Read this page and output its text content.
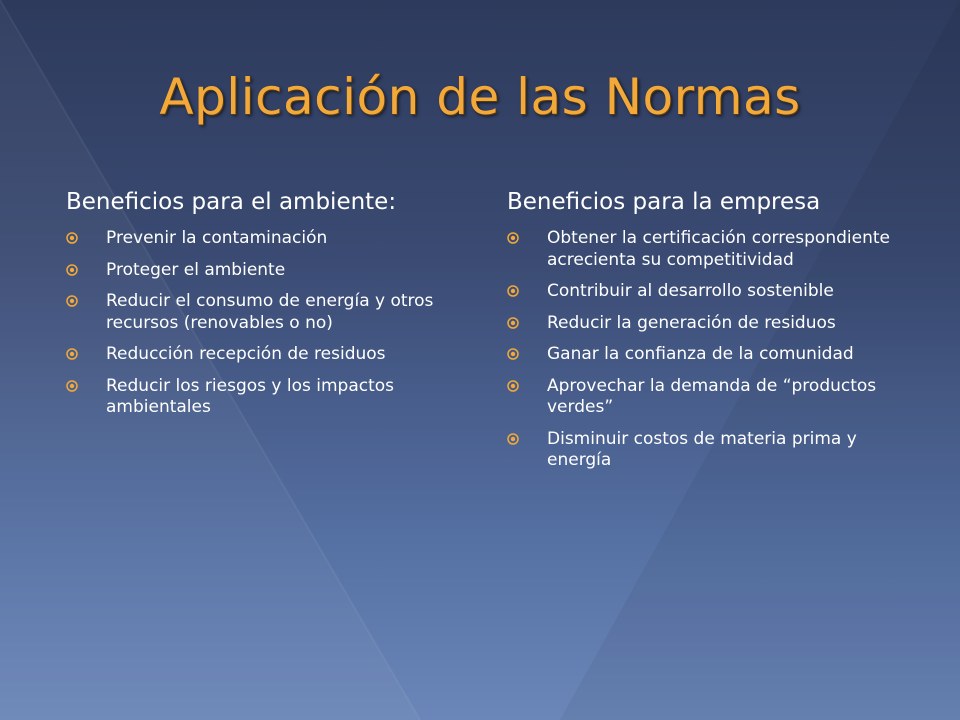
Aplicación de las Normas
Beneficios para el ambiente:
Prevenir la contaminación
Proteger el ambiente
Reducir el consumo de energía y otros recursos (renovables o no)
Reducción recepción de residuos
Reducir los riesgos y los impactos ambientales
Beneficios para la empresa
Obtener la certificación correspondiente acrecienta su competitividad
Contribuir al desarrollo sostenible
Reducir la generación de residuos
Ganar la confianza de la comunidad
Aprovechar la demanda de “productos verdes”
Disminuir costos de materia prima y energía
